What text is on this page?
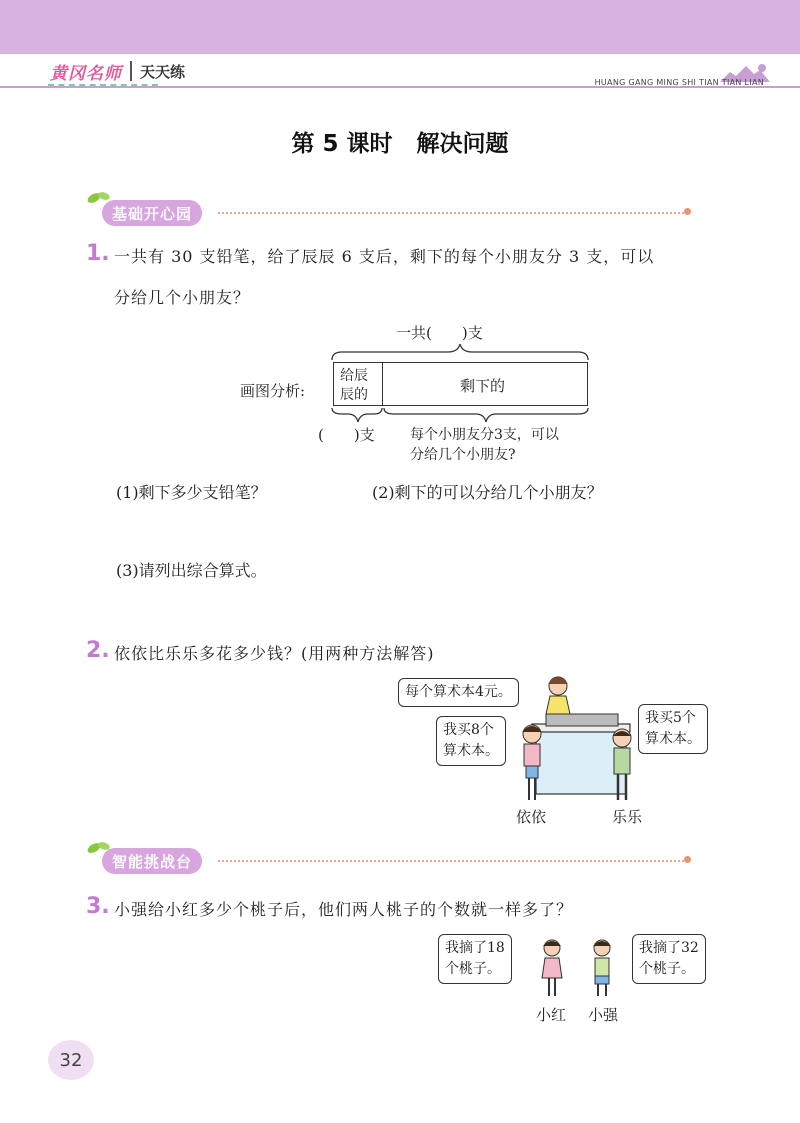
黄冈名师 天天练
HUANG GANG MING SHI TIAN TIAN LIAN
第 5 课时   解决问题
基础开心园
1. 一共有 30 支铅笔，给了辰辰 6 支后，剩下的每个小朋友分 3 支，可以
分给几个小朋友？
一共(　　)支
画图分析:
给辰
辰的	剩下的
(　　)支	每个小朋友分3支，可以
分给几个小朋友?
(1)剩下多少支铅笔？	(2)剩下的可以分给几个小朋友？
(3)请列出综合算式。
2. 依依比乐乐多花多少钱？(用两种方法解答)
每个算术本4元。
我买8个
算术本。
我买5个
算术本。
依依	乐乐
智能挑战台
3. 小强给小红多少个桃子后，他们两人桃子的个数就一样多了？
我摘了18
个桃子。
我摘了32
个桃子。
小红 小强
32
